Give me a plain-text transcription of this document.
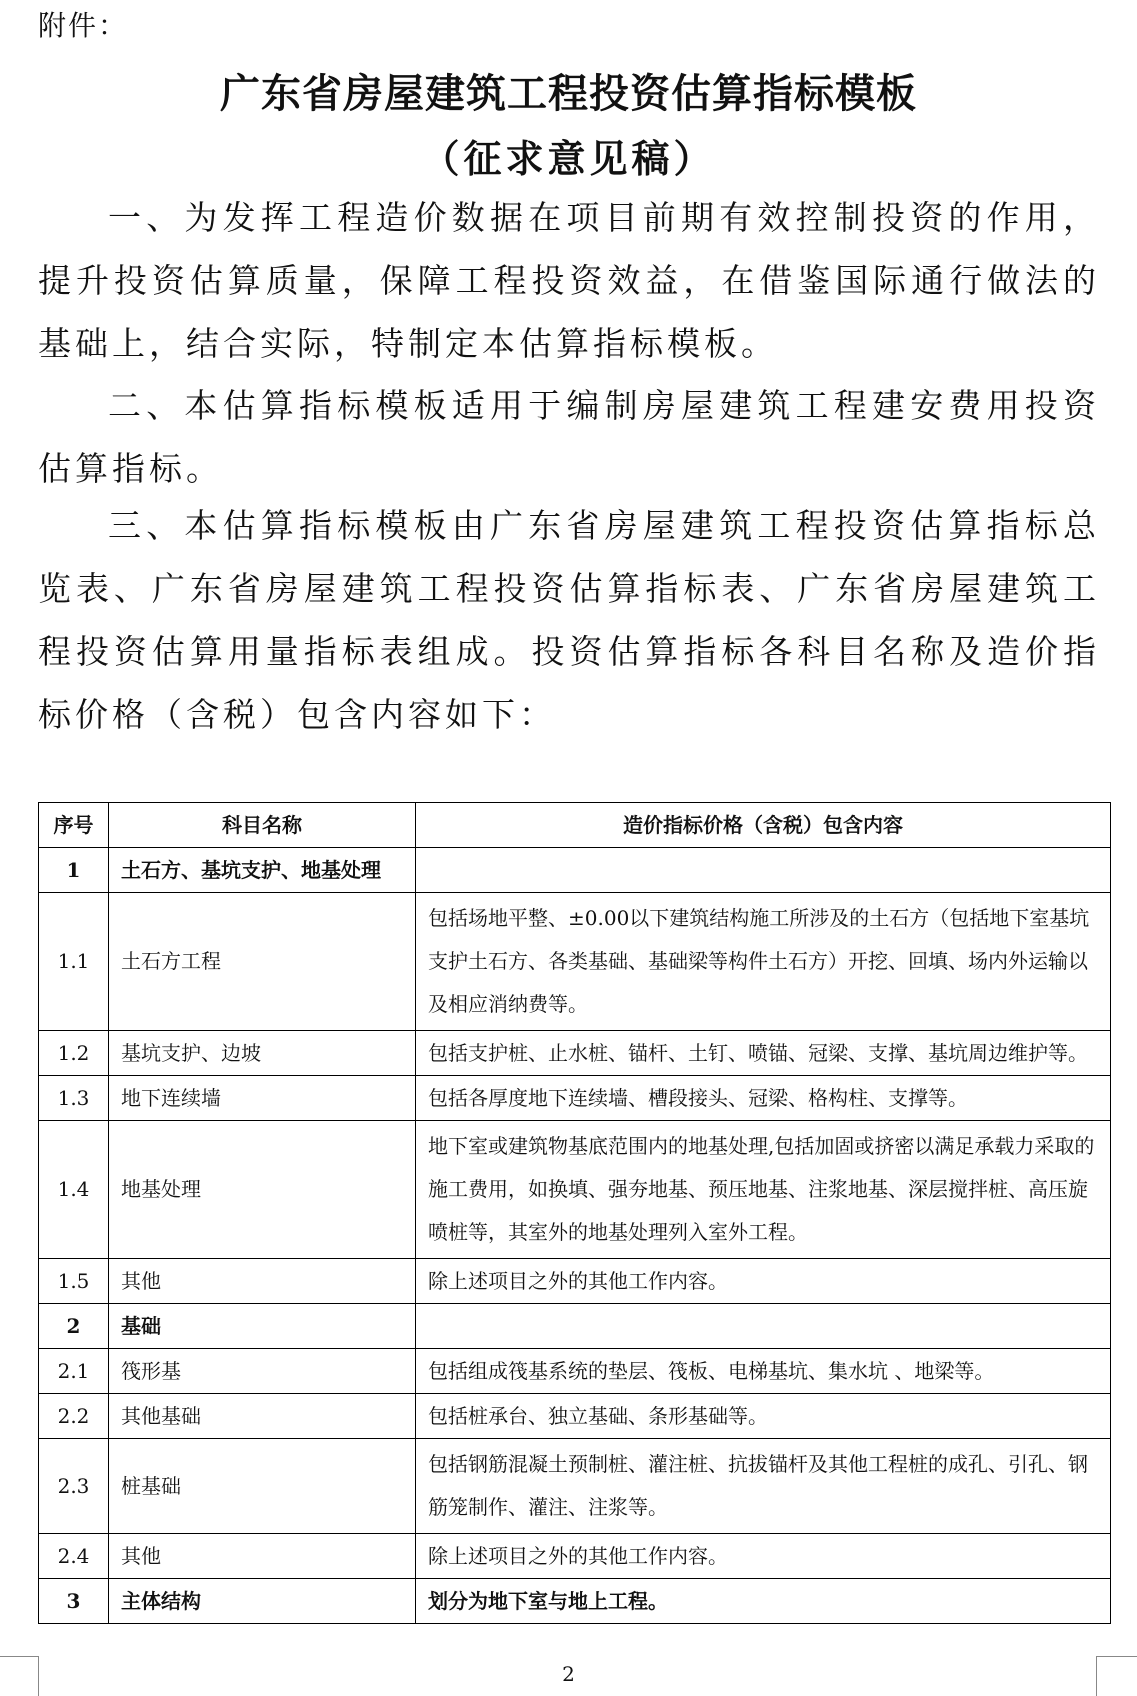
附件：
广东省房屋建筑工程投资估算指标模板
（征求意见稿）

一、为发挥工程造价数据在项目前期有效控制投资的作用，提升投资估算质量，保障工程投资效益，在借鉴国际通行做法的基础上，结合实际，特制定本估算指标模板。

二、本估算指标模板适用于编制房屋建筑工程建安费用投资估算指标。

三、本估算指标模板由广东省房屋建筑工程投资估算指标总览表、广东省房屋建筑工程投资估算指标表、广东省房屋建筑工程投资估算用量指标表组成。投资估算指标各科目名称及造价指标价格（含税）包含内容如下：

序号	科目名称	造价指标价格（含税）包含内容
1	土石方、基坑支护、地基处理	
1.1	土石方工程	包括场地平整、±0.00以下建筑结构施工所涉及的土石方（包括地下室基坑支护土石方、各类基础、基础梁等构件土石方）开挖、回填、场内外运输以及相应消纳费等。
1.2	基坑支护、边坡	包括支护桩、止水桩、锚杆、土钉、喷锚、冠梁、支撑、基坑周边维护等。
1.3	地下连续墙	包括各厚度地下连续墙、槽段接头、冠梁、格构柱、支撑等。
1.4	地基处理	地下室或建筑物基底范围内的地基处理,包括加固或挤密以满足承载力采取的施工费用，如换填、强夯地基、预压地基、注浆地基、深层搅拌桩、高压旋喷桩等，其室外的地基处理列入室外工程。
1.5	其他	除上述项目之外的其他工作内容。
2	基础	
2.1	筏形基	包括组成筏基系统的垫层、筏板、电梯基坑、集水坑 、地梁等。
2.2	其他基础	包括桩承台、独立基础、条形基础等。
2.3	桩基础	包括钢筋混凝土预制桩、灌注桩、抗拔锚杆及其他工程桩的成孔、引孔、钢筋笼制作、灌注、注浆等。
2.4	其他	除上述项目之外的其他工作内容。
3	主体结构	划分为地下室与地上工程。
2
